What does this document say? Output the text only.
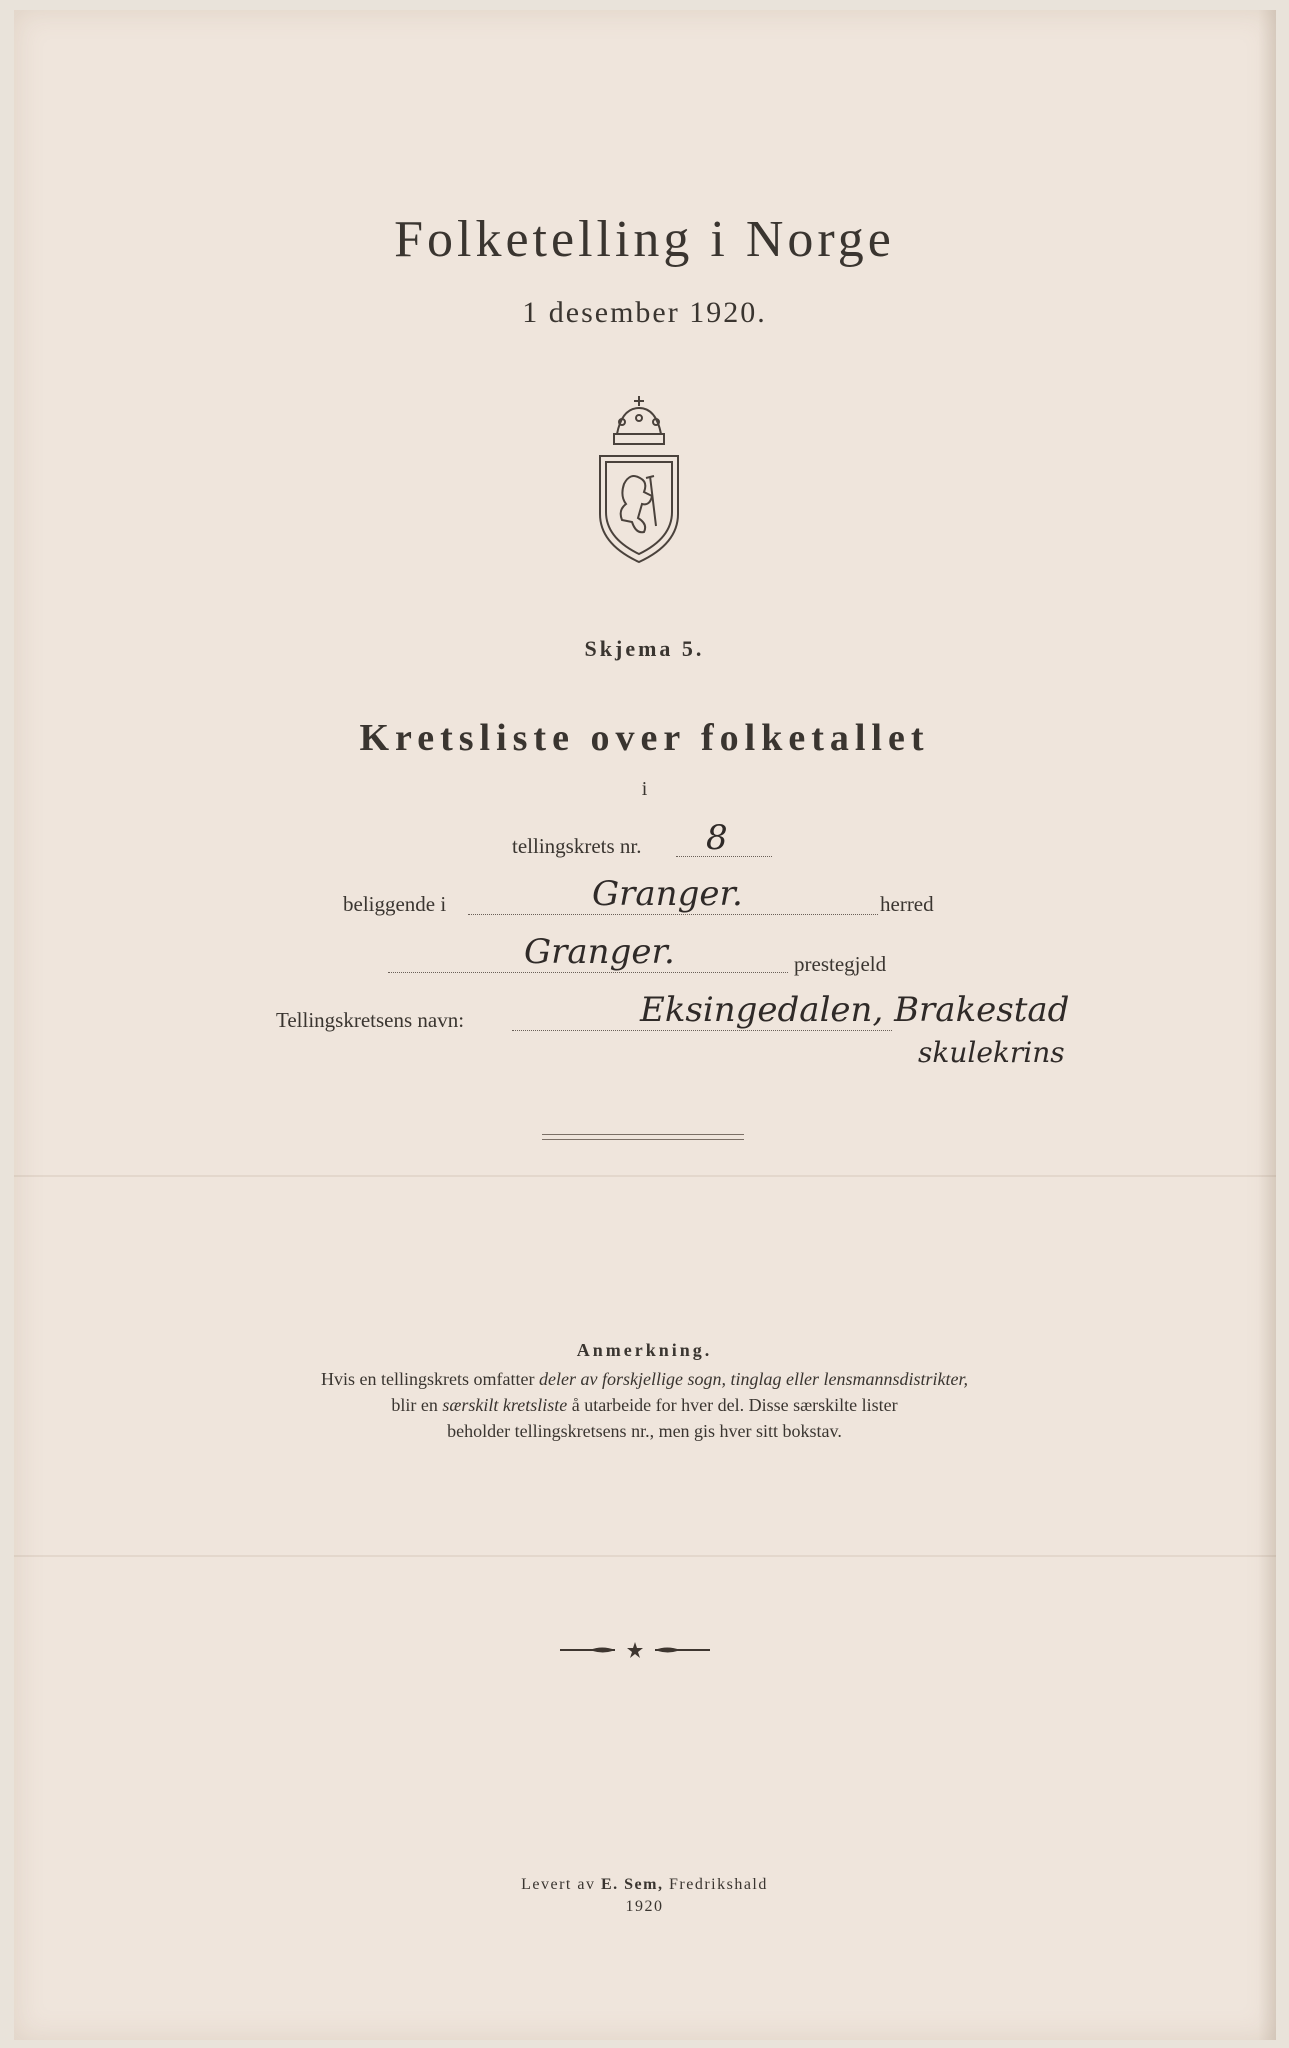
Folketelling i Norge
1 desember 1920.
Skjema 5.
Kretsliste over folketallet
i
tellingskrets nr. 8
beliggende i	Granger.	herred
Granger.	prestegjeld
Tellingskretsens navn:	Eksingedalen, Brakestad
skulekrins
Anmerkning.
Hvis en tellingskrets omfatter deler av forskjellige sogn, tinglag eller lensmannsdistrikter,
blir en særskilt kretsliste å utarbeide for hver del. Disse særskilte lister
beholder tellingskretsens nr., men gis hver sitt bokstav.
Levert av E. Sem, Fredrikshald
1920
